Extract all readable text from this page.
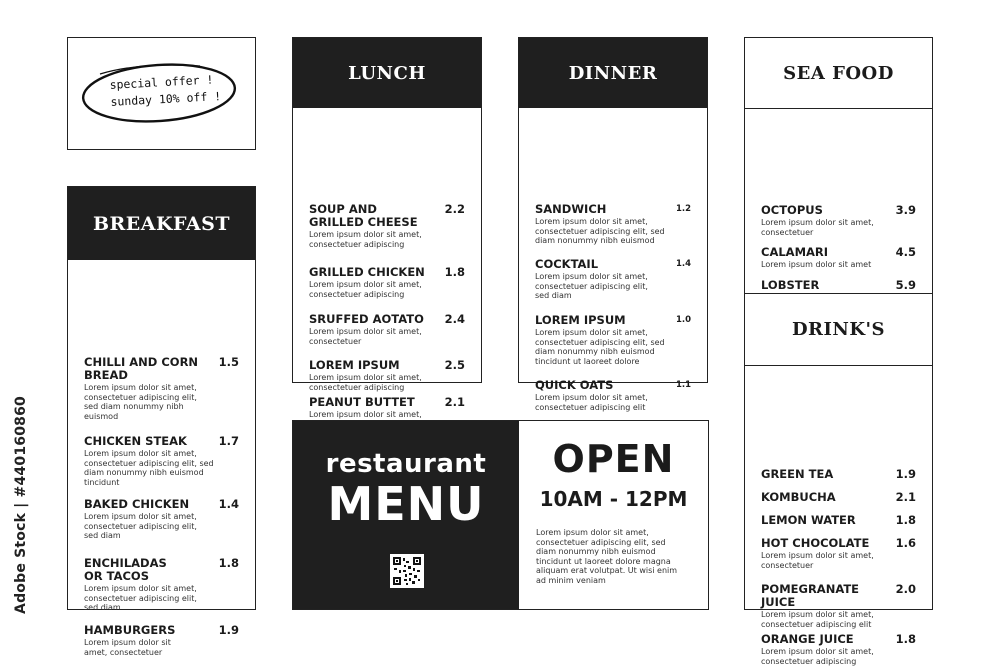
special offer !
sunday 10% off !
BREAKFAST
CHILLI AND CORN BREAD
1.5
Lorem ipsum dolor sit amet, consectetuer adipiscing elit, sed diam nonummy nibh euismod
CHICKEN STEAK	1.7
Lorem ipsum dolor sit amet, consectetuer adipiscing elit, sed diam nonummy nibh euismod tincidunt
BAKED CHICKEN	1.4
Lorem ipsum dolor sit amet, consectetuer adipiscing elit, sed diam
ENCHILADAS OR TACOS
1.8
Lorem ipsum dolor sit amet, consectetuer adipiscing elit, sed diam
HAMBURGERS	1.9
Lorem ipsum dolor sit amet, consectetuer
LUNCH
SOUP AND GRILLED CHEESE
2.2
Lorem ipsum dolor sit amet, consectetuer adipiscing
GRILLED CHICKEN	1.8
Lorem ipsum dolor sit amet, consectetuer adipiscing
SRUFFED AOTATO	2.4
Lorem ipsum dolor sit amet, consectetuer
LOREM IPSUM	2.5
Lorem ipsum dolor sit amet, consectetuer adipiscing
PEANUT BUTTET	2.1
Lorem ipsum dolor sit amet,
DINNER
SANDWICH	1.2
Lorem ipsum dolor sit amet, consectetuer adipiscing elit, sed diam nonummy nibh euismod
COCKTAIL	1.4
Lorem ipsum dolor sit amet, consectetuer adipiscing elit, sed diam
LOREM IPSUM	1.0
Lorem ipsum dolor sit amet, consectetuer adipiscing elit, sed diam nonummy nibh euismod tincidunt ut laoreet dolore
QUICK OATS	1.1
Lorem ipsum dolor sit amet, consectetuer adipiscing elit
SEA FOOD
OCTOPUS	3.9
Lorem ipsum dolor sit amet, consectetuer
CALAMARI	4.5
Lorem ipsum dolor sit amet
LOBSTER	5.9
DRINK'S
GREEN TEA	1.9
KOMBUCHA	2.1
LEMON WATER	1.8
HOT CHOCOLATE	1.6
Lorem ipsum dolor sit amet, consectetuer
POMEGRANATE JUICE
2.0
Lorem ipsum dolor sit amet, consectetuer adipiscing elit
ORANGE JUICE	1.8
Lorem ipsum dolor sit amet, consectetuer adipiscing
restaurant
MENU
OPEN
10AM - 12PM
Lorem ipsum dolor sit amet, consectetuer adipiscing elit, sed diam nonummy nibh euismod tincidunt ut laoreet dolore magna aliquam erat volutpat. Ut wisi enim ad minim veniam
Adobe Stock | #440160860
